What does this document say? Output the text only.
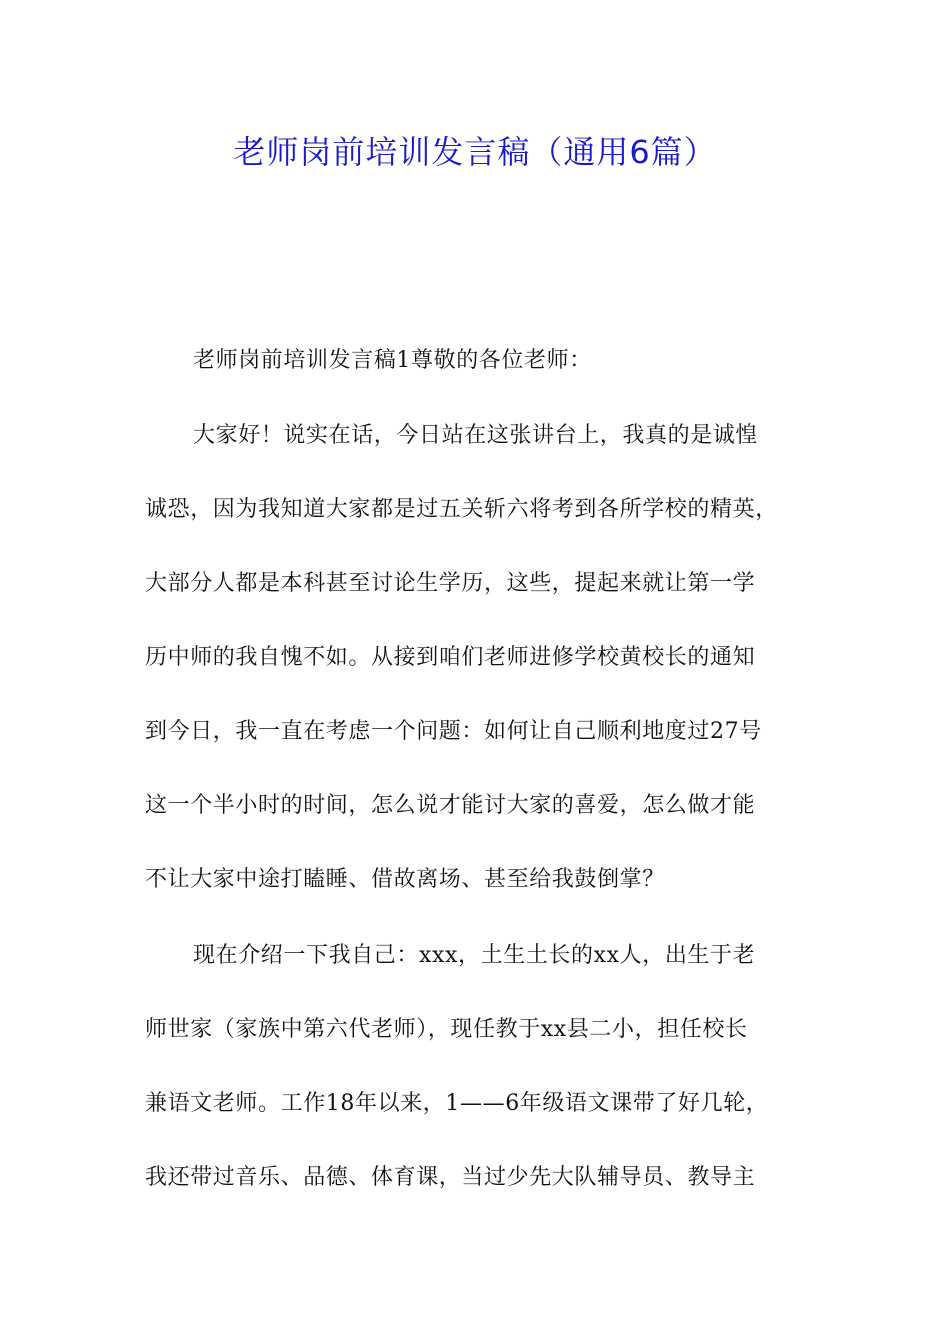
老师岗前培训发言稿（通用6篇）
老师岗前培训发言稿1尊敬的各位老师：
大家好！说实在话，今日站在这张讲台上，我真的是诚惶
诚恐，因为我知道大家都是过五关斩六将考到各所学校的精英，
大部分人都是本科甚至讨论生学历，这些，提起来就让第一学
历中师的我自愧不如。从接到咱们老师进修学校黄校长的通知
到今日，我一直在考虑一个问题：如何让自己顺利地度过27号
这一个半小时的时间，怎么说才能讨大家的喜爱，怎么做才能
不让大家中途打瞌睡、借故离场、甚至给我鼓倒掌？
现在介绍一下我自己：xxx，土生土长的xx人，出生于老
师世家（家族中第六代老师），现任教于xx县二小，担任校长
兼语文老师。工作18年以来，1——6年级语文课带了好几轮，
我还带过音乐、品德、体育课，当过少先大队辅导员、教导主
